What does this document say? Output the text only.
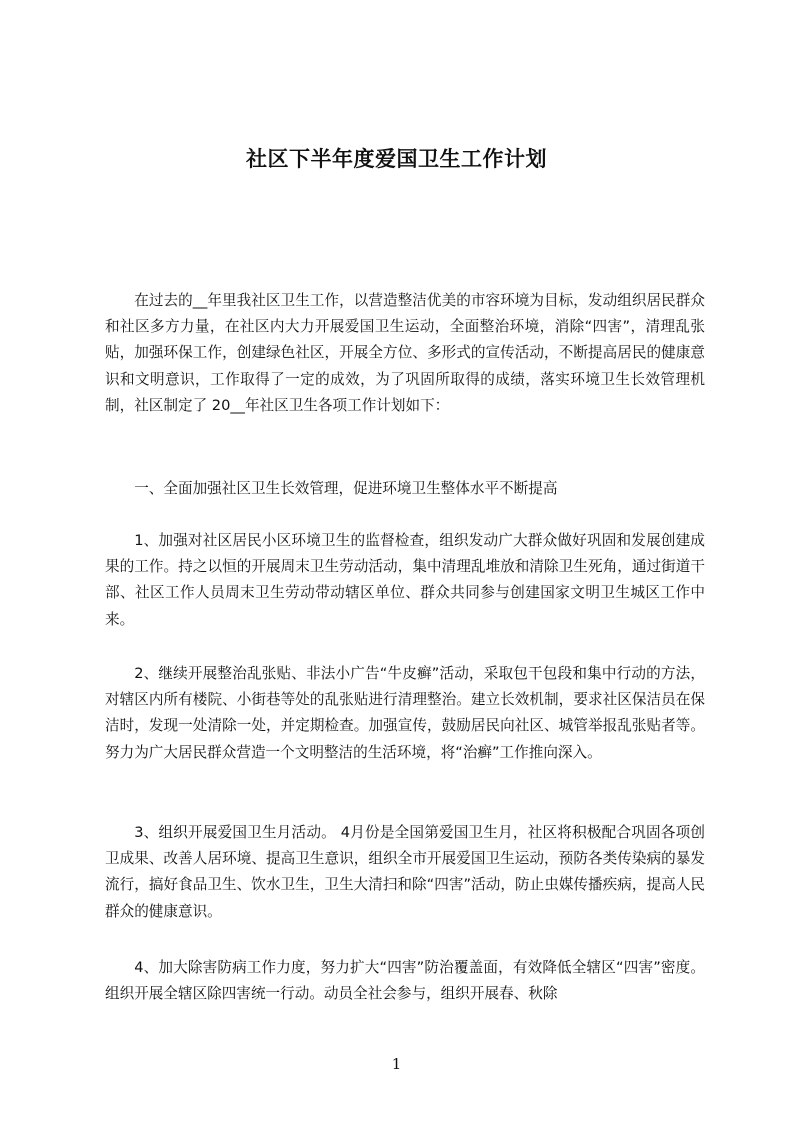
社区下半年度爱国卫生工作计划

在过去的__年里我社区卫生工作，以营造整洁优美的市容环境为目标，发动组织居民群众和社区多方力量，在社区内大力开展爱国卫生运动，全面整治环境，消除“四害”，清理乱张贴，加强环保工作，创建绿色社区，开展全方位、多形式的宣传活动，不断提高居民的健康意识和文明意识，工作取得了一定的成效，为了巩固所取得的成绩，落实环境卫生长效管理机制，社区制定了 20__年社区卫生各项工作计划如下：

一、全面加强社区卫生长效管理，促进环境卫生整体水平不断提高

1、加强对社区居民小区环境卫生的监督检查，组织发动广大群众做好巩固和发展创建成果的工作。持之以恒的开展周末卫生劳动活动，集中清理乱堆放和清除卫生死角，通过街道干部、社区工作人员周末卫生劳动带动辖区单位、群众共同参与创建国家文明卫生城区工作中来。

2、继续开展整治乱张贴、非法小广告“牛皮癣”活动，采取包干包段和集中行动的方法，对辖区内所有楼院、小街巷等处的乱张贴进行清理整治。建立长效机制，要求社区保洁员在保洁时，发现一处清除一处，并定期检查。加强宣传，鼓励居民向社区、城管举报乱张贴者等。努力为广大居民群众营造一个文明整洁的生活环境，将“治癣”工作推向深入。

3、组织开展爱国卫生月活动。 4月份是全国第爱国卫生月，社区将积极配合巩固各项创卫成果、改善人居环境、提高卫生意识，组织全市开展爱国卫生运动，预防各类传染病的暴发流行，搞好食品卫生、饮水卫生，卫生大清扫和除“四害”活动，防止虫媒传播疾病，提高人民群众的健康意识。

4、加大除害防病工作力度，努力扩大“四害”防治覆盖面，有效降低全辖区“四害”密度。组织开展全辖区除四害统一行动。动员全社会参与，组织开展春、秋除

1
